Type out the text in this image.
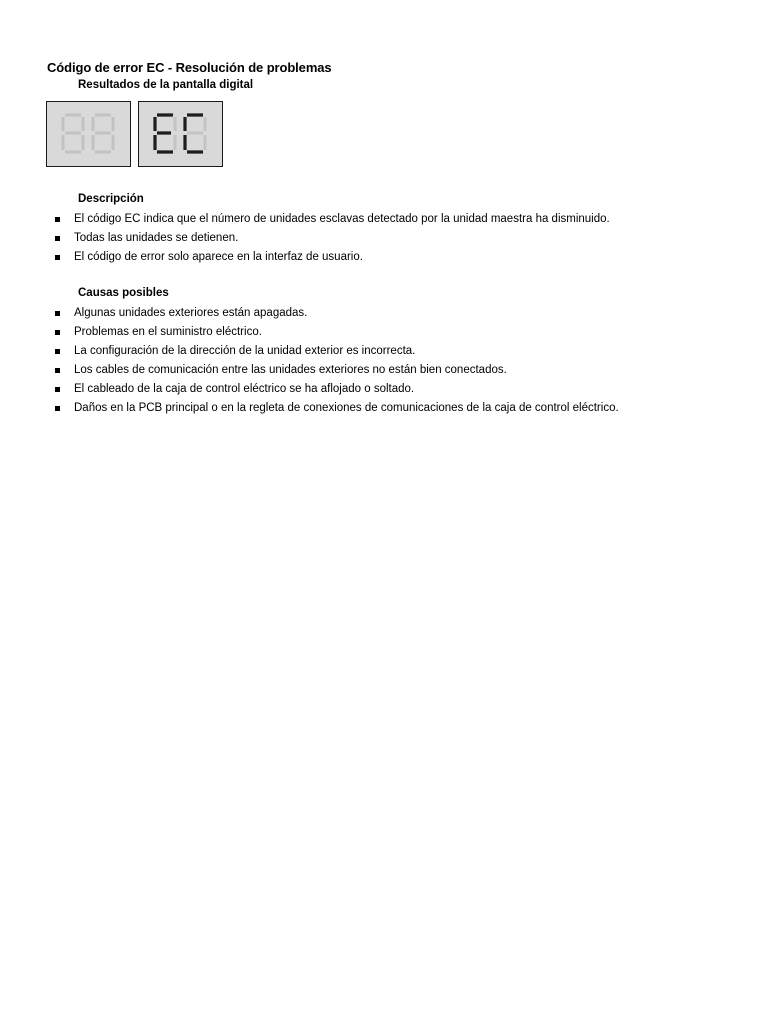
Código de error EC - Resolución de problemas
Resultados de la pantalla digital
Descripción
El código EC indica que el número de unidades esclavas detectado por la unidad maestra ha disminuido.
Todas las unidades se detienen.
El código de error solo aparece en la interfaz de usuario.
Causas posibles
Algunas unidades exteriores están apagadas.
Problemas en el suministro eléctrico.
La configuración de la dirección de la unidad exterior es incorrecta.
Los cables de comunicación entre las unidades exteriores no están bien conectados.
El cableado de la caja de control eléctrico se ha aflojado o soltado.
Daños en la PCB principal o en la regleta de conexiones de comunicaciones de la caja de control eléctrico.
